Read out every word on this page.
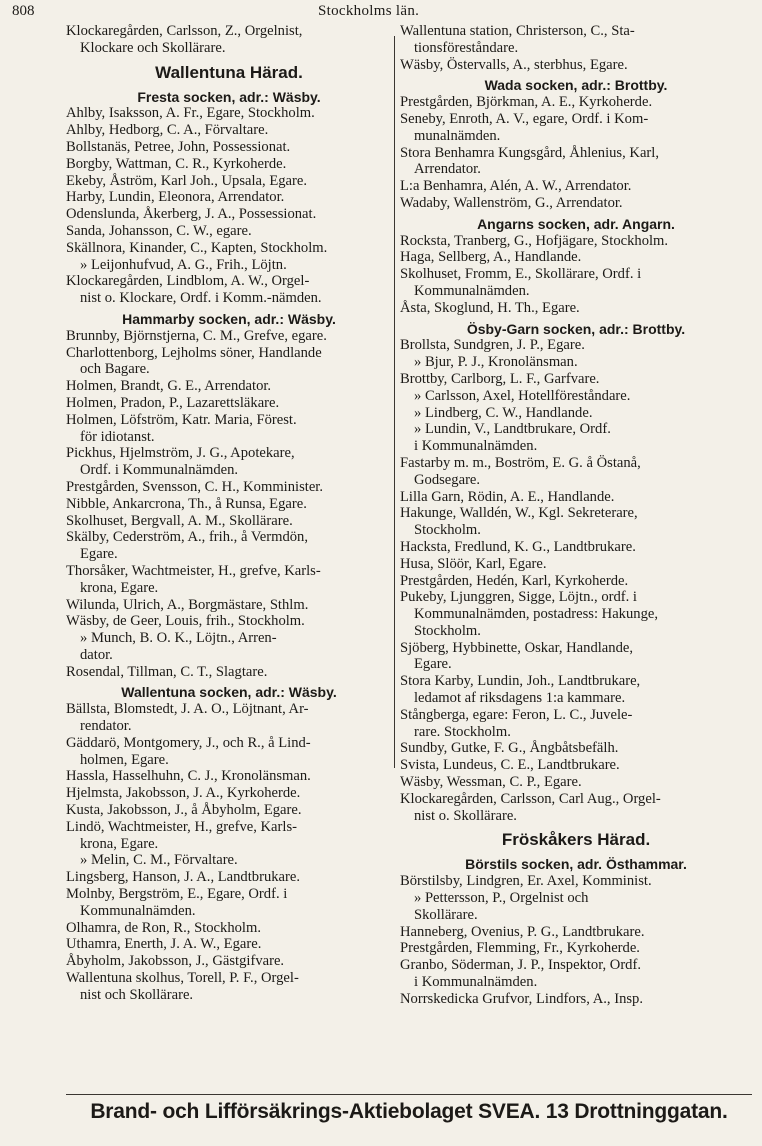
808	Stockholms län.
Klockaregården, Carlsson, Z., Orgelnist,
Klockare och Skollärare.
Wallentuna Härad.
Fresta socken, adr.: Wäsby.
Ahlby, Isaksson, A. Fr., Egare, Stockholm.
Ahlby, Hedborg, C. A., Förvaltare.
Bollstanäs, Petree, John, Possessionat.
Borgby, Wattman, C. R., Kyrkoherde.
Ekeby, Åström, Karl Joh., Upsala, Egare.
Harby, Lundin, Eleonora, Arrendator.
Odenslunda, Åkerberg, J. A., Possessionat.
Sanda, Johansson, C. W., egare.
Skällnora, Kinander, C., Kapten, Stockholm.
» Leijonhufvud, A. G., Frih., Löjtn.
Klockaregården, Lindblom, A. W., Orgel-
nist o. Klockare, Ordf. i Komm.-nämden.
Hammarby socken, adr.: Wäsby.
Brunnby, Björnstjerna, C. M., Grefve, egare.
Charlottenborg, Lejholms söner, Handlande
och Bagare.
Holmen, Brandt, G. E., Arrendator.
Holmen, Pradon, P., Lazarettsläkare.
Holmen, Löfström, Katr. Maria, Förest.
för idiotanst.
Pickhus, Hjelmström, J. G., Apotekare,
Ordf. i Kommunalnämden.
Prestgården, Svensson, C. H., Komminister.
Nibble, Ankarcrona, Th., å Runsa, Egare.
Skolhuset, Bergvall, A. M., Skollärare.
Skälby, Cederström, A., frih., å Vermdön,
Egare.
Thorsåker, Wachtmeister, H., grefve, Karls-
krona, Egare.
Wilunda, Ulrich, A., Borgmästare, Sthlm.
Wäsby, de Geer, Louis, frih., Stockholm.
» Munch, B. O. K., Löjtn., Arren-
dator.
Rosendal, Tillman, C. T., Slagtare.
Wallentuna socken, adr.: Wäsby.
Bällsta, Blomstedt, J. A. O., Löjtnant, Ar-
rendator.
Gäddarö, Montgomery, J., och R., å Lind-
holmen, Egare.
Hassla, Hasselhuhn, C. J., Kronolänsman.
Hjelmsta, Jakobsson, J. A., Kyrkoherde.
Kusta, Jakobsson, J., å Åbyholm, Egare.
Lindö, Wachtmeister, H., grefve, Karls-
krona, Egare.
» Melin, C. M., Förvaltare.
Lingsberg, Hanson, J. A., Landtbrukare.
Molnby, Bergström, E., Egare, Ordf. i
Kommunalnämden.
Olhamra, de Ron, R., Stockholm.
Uthamra, Enerth, J. A. W., Egare.
Åbyholm, Jakobsson, J., Gästgifvare.
Wallentuna skolhus, Torell, P. F., Orgel-
nist och Skollärare.
Wallentuna station, Christerson, C., Sta-
tionsföreståndare.
Wäsby, Östervalls, A., sterbhus, Egare.
Wada socken, adr.: Brottby.
Prestgården, Björkman, A. E., Kyrkoherde.
Seneby, Enroth, A. V., egare, Ordf. i Kom-
munalnämden.
Stora Benhamra Kungsgård, Åhlenius, Karl,
Arrendator.
L:a Benhamra, Alén, A. W., Arrendator.
Wadaby, Wallenström, G., Arrendator.
Angarns socken, adr. Angarn.
Rocksta, Tranberg, G., Hofjägare, Stockholm.
Haga, Sellberg, A., Handlande.
Skolhuset, Fromm, E., Skollärare, Ordf. i
Kommunalnämden.
Åsta, Skoglund, H. Th., Egare.
Ösby-Garn socken, adr.: Brottby.
Brollsta, Sundgren, J. P., Egare.
» Bjur, P. J., Kronolänsman.
Brottby, Carlborg, L. F., Garfvare.
» Carlsson, Axel, Hotellföreståndare.
» Lindberg, C. W., Handlande.
» Lundin, V., Landtbrukare, Ordf.
i Kommunalnämden.
Fastarby m. m., Boström, E. G. å Östanå,
Godsegare.
Lilla Garn, Rödin, A. E., Handlande.
Hakunge, Walldén, W., Kgl. Sekreterare,
Stockholm.
Hacksta, Fredlund, K. G., Landtbrukare.
Husa, Slöör, Karl, Egare.
Prestgården, Hedén, Karl, Kyrkoherde.
Pukeby, Ljunggren, Sigge, Löjtn., ordf. i
Kommunalnämden, postadress: Hakunge,
Stockholm.
Sjöberg, Hybbinette, Oskar, Handlande,
Egare.
Stora Karby, Lundin, Joh., Landtbrukare,
ledamot af riksdagens 1:a kammare.
Stångberga, egare: Feron, L. C., Juvele-
rare. Stockholm.
Sundby, Gutke, F. G., Ångbåtsbefälh.
Svista, Lundeus, C. E., Landtbrukare.
Wäsby, Wessman, C. P., Egare.
Klockaregården, Carlsson, Carl Aug., Orgel-
nist o. Skollärare.
Fröskåkers Härad.
Börstils socken, adr. Östhammar.
Börstilsby, Lindgren, Er. Axel, Komminist.
» Pettersson, P., Orgelnist och
Skollärare.
Hanneberg, Ovenius, P. G., Landtbrukare.
Prestgården, Flemming, Fr., Kyrkoherde.
Granbo, Söderman, J. P., Inspektor, Ordf.
i Kommunalnämden.
Norrskedicka Grufvor, Lindfors, A., Insp.
Brand- och Lifförsäkrings-Aktiebolaget SVEA. 13 Drottninggatan.
